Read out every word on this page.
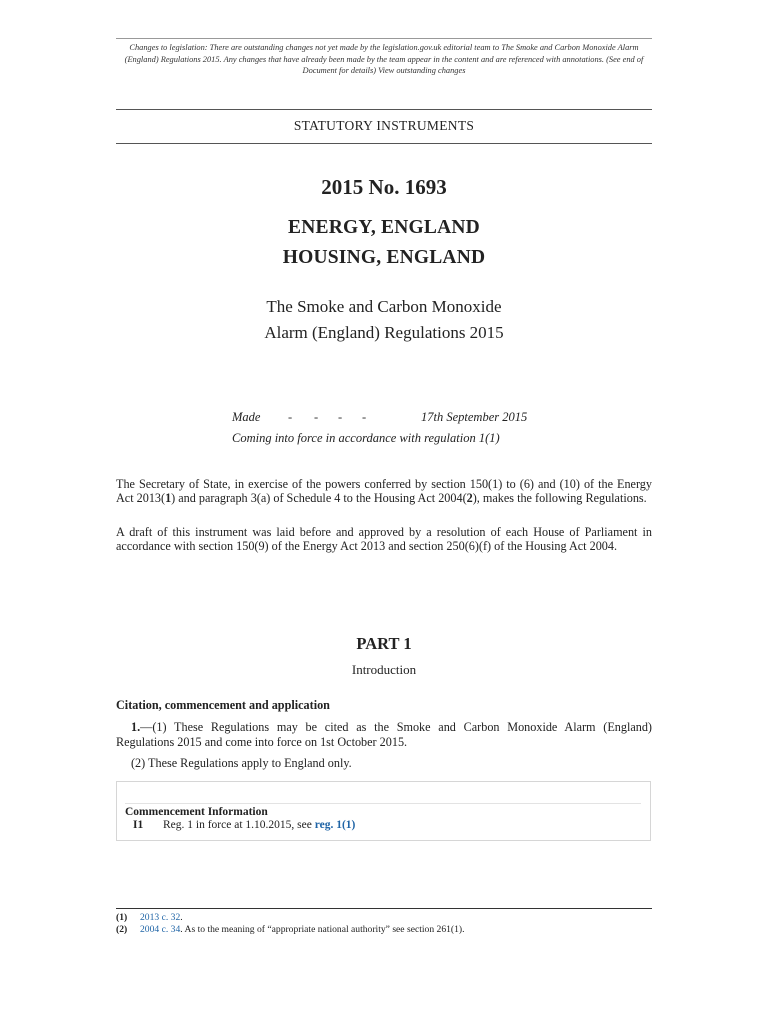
Changes to legislation: There are outstanding changes not yet made by the legislation.gov.uk editorial team to The Smoke and Carbon Monoxide Alarm (England) Regulations 2015. Any changes that have already been made by the team appear in the content and are referenced with annotations. (See end of Document for details) View outstanding changes
STATUTORY INSTRUMENTS
2015 No. 1693
ENERGY, ENGLAND
HOUSING, ENGLAND
The Smoke and Carbon Monoxide
Alarm (England) Regulations 2015
Made - - - -	17th September 2015
Coming into force in accordance with regulation 1(1)
The Secretary of State, in exercise of the powers conferred by section 150(1) to (6) and (10) of the Energy Act 2013(1) and paragraph 3(a) of Schedule 4 to the Housing Act 2004(2), makes the following Regulations.
A draft of this instrument was laid before and approved by a resolution of each House of Parliament in accordance with section 150(9) of the Energy Act 2013 and section 250(6)(f) of the Housing Act 2004.
PART 1
Introduction
Citation, commencement and application
1.—(1) These Regulations may be cited as the Smoke and Carbon Monoxide Alarm (England) Regulations 2015 and come into force on 1st October 2015.
(2) These Regulations apply to England only.
Commencement Information
I1 Reg. 1 in force at 1.10.2015, see reg. 1(1)
(1) 2013 c. 32.
(2) 2004 c. 34. As to the meaning of “appropriate national authority” see section 261(1).
